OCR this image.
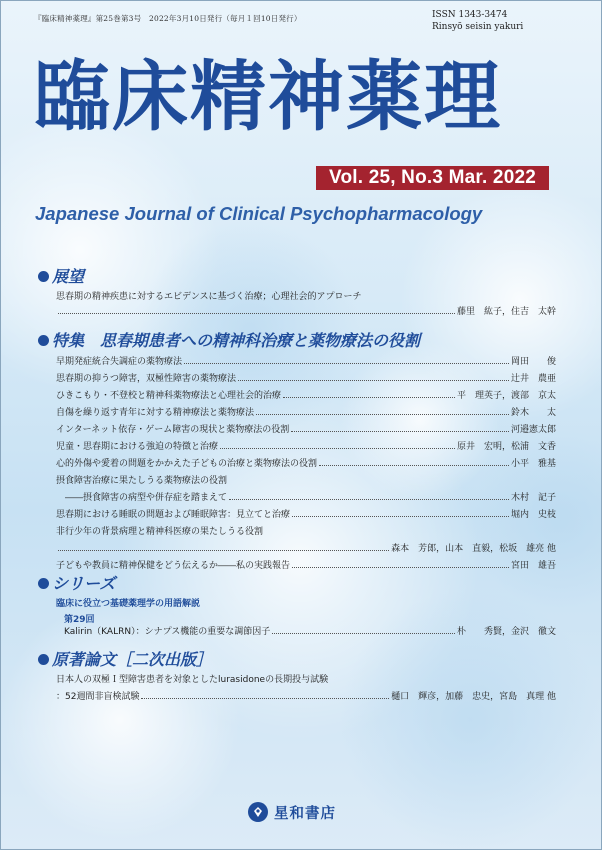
『臨床精神薬理』第25巻第3号　2022年3月10日発行（毎月１回10日発行）	ISSN 1343-3474
Rinsyō seisin yakuri
臨床精神薬理
Vol. 25, No.3 Mar. 2022
Japanese Journal of Clinical Psychopharmacology
展望
思春期の精神疾患に対するエビデンスに基づく治療；心理社会的アプローチ
藤里　紘子，住吉　太幹
特集　思春期患者への精神科治療と薬物療法の役割
早期発症統合失調症の薬物療法	岡田　　俊
思春期の抑うつ障害，双極性障害の薬物療法	辻井　農亜
ひきこもり・不登校と精神科薬物療法と心理社会的治療	平　理英子，渡部　京太
自傷を繰り返す青年に対する精神療法と薬物療法	鈴木　　太
インターネット依存・ゲーム障害の現状と薬物療法の役割	河邉憲太郎
児童・思春期における強迫の特徴と治療	原井　宏明，松浦　文香
心的外傷や愛着の問題をかかえた子どもの治療と薬物療法の役割	小平　雅基
摂食障害治療に果たしうる薬物療法の役割
　――摂食障害の病型や併存症を踏まえて	木村　記子
思春期における睡眠の問題および睡眠障害：見立てと治療	堀内　史枝
非行少年の背景病理と精神科医療の果たしうる役割
森本　芳郎，山本　直毅，松坂　雄亮 他
子どもや教員に精神保健をどう伝えるか――私の実践報告	宮田　雄吾
シリーズ
臨床に役立つ基礎薬理学の用語解説
第29回
Kalirin（KALRN）：シナプス機能の重要な調節因子	朴　　秀賢，金沢　徹文
原著論文［二次出版］
日本人の双極Ｉ型障害患者を対象としたlurasidoneの長期投与試験
：52週間非盲検試験	樋口　輝彦，加藤　忠史，宮島　真理 他
星和書店
